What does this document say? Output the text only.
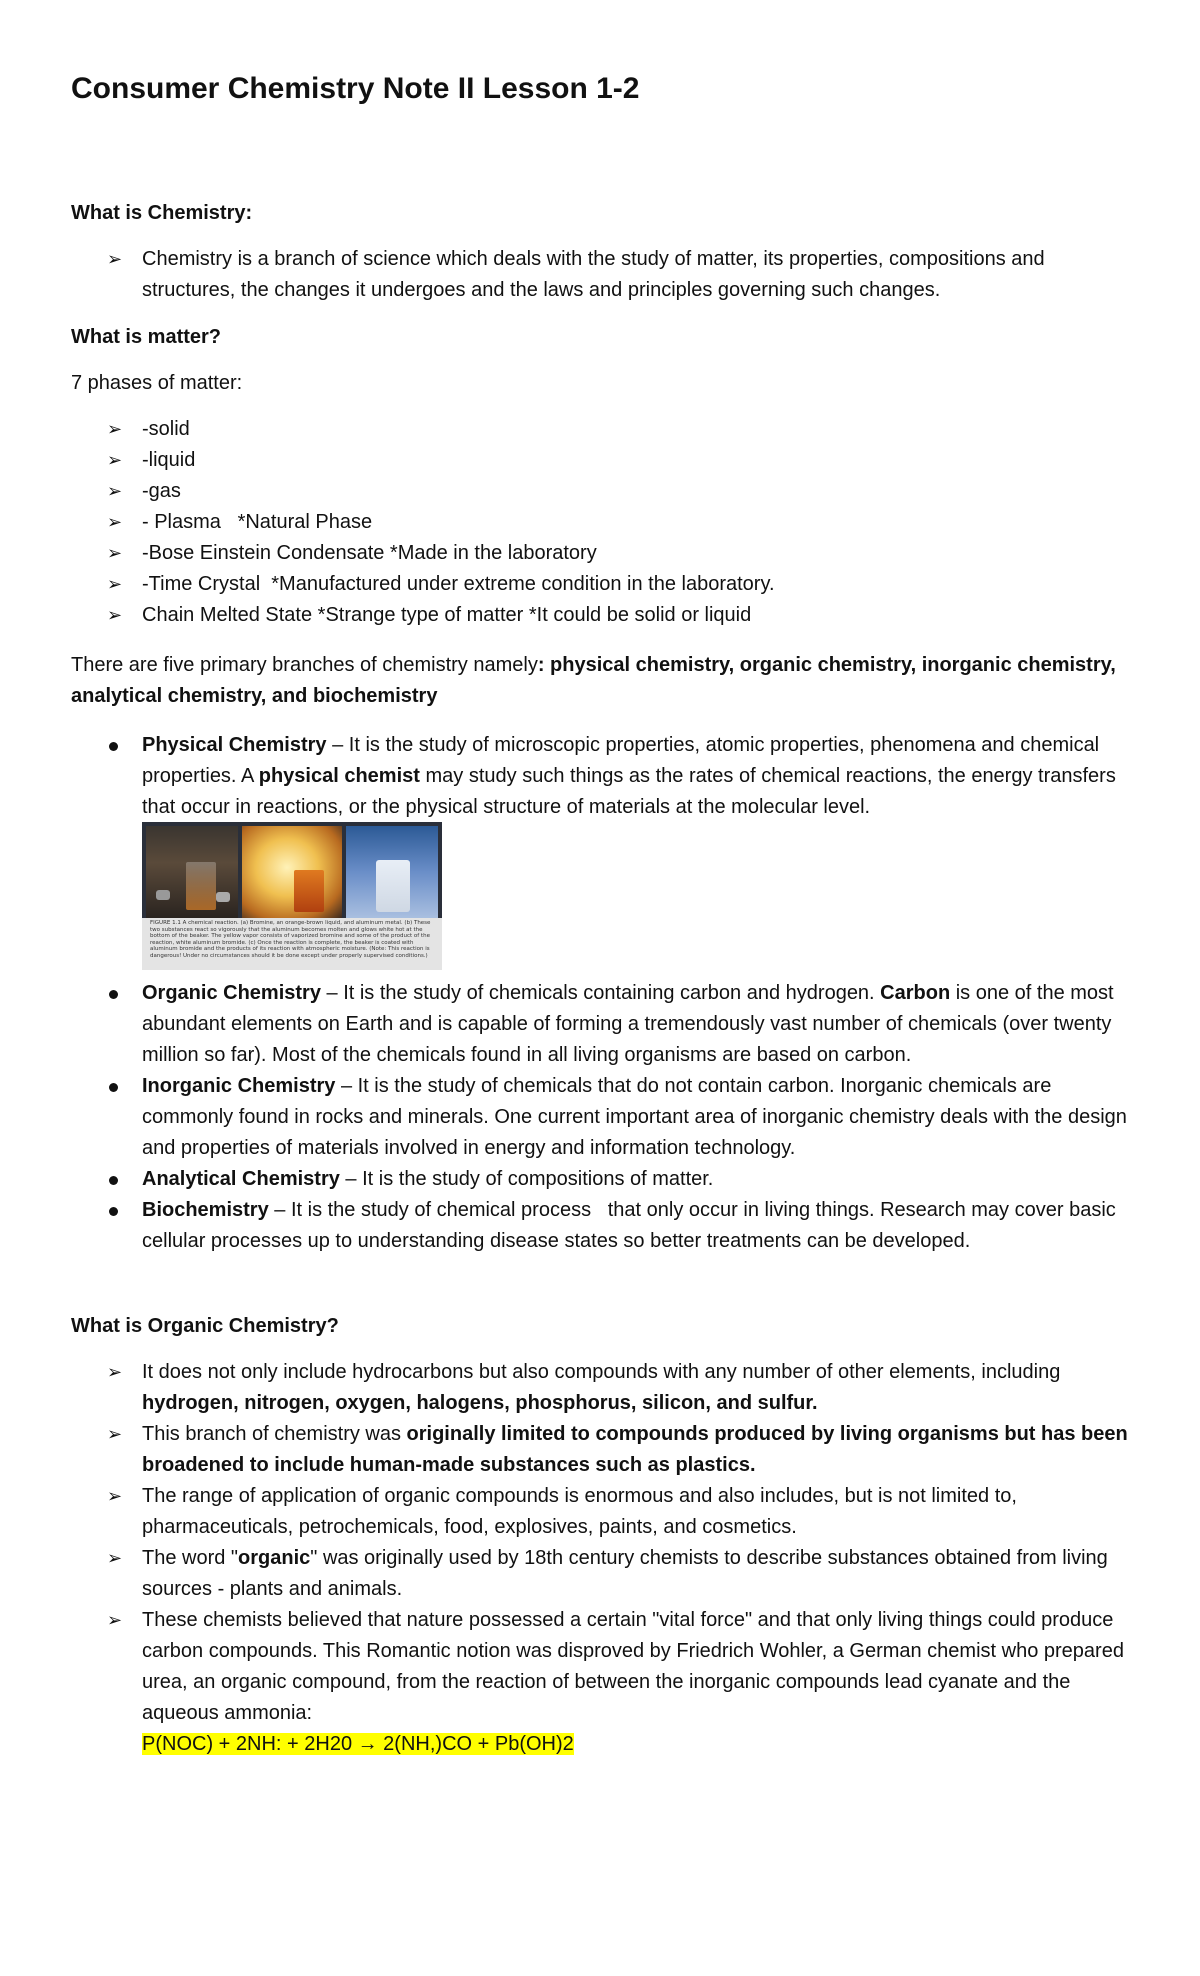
Consumer Chemistry Note II Lesson 1-2
What is Chemistry:
➢ Chemistry is a branch of science which deals with the study of matter, its properties, compositions and structures, the changes it undergoes and the laws and principles governing such changes.
What is matter?
7 phases of matter:
➢ -solid
➢ -liquid
➢ -gas
➢ - Plasma   *Natural Phase
➢ -Bose Einstein Condensate *Made in the laboratory
➢ -Time Crystal  *Manufactured under extreme condition in the laboratory.
➢ Chain Melted State *Strange type of matter *It could be solid or liquid
There are five primary branches of chemistry namely: physical chemistry, organic chemistry, inorganic chemistry, analytical chemistry, and biochemistry
Physical Chemistry – It is the study of microscopic properties, atomic properties, phenomena and chemical properties. A physical chemist may study such things as the rates of chemical reactions, the energy transfers that occur in reactions, or the physical structure of materials at the molecular level.
FIGURE 1.1 A chemical reaction. (a) Bromine, an orange-brown liquid, and aluminum metal. (b) These two substances react so vigorously that the aluminum becomes molten and glows white hot at the bottom of the beaker. The yellow vapor consists of vaporized bromine and some of the product of the reaction, white aluminum bromide. (c) Once the reaction is complete, the beaker is coated with aluminum bromide and the products of its reaction with atmospheric moisture. (Note: This reaction is dangerous! Under no circumstances should it be done except under properly supervised conditions.)
Organic Chemistry – It is the study of chemicals containing carbon and hydrogen. Carbon is one of the most abundant elements on Earth and is capable of forming a tremendously vast number of chemicals (over twenty million so far). Most of the chemicals found in all living organisms are based on carbon.
Inorganic Chemistry – It is the study of chemicals that do not contain carbon. Inorganic chemicals are commonly found in rocks and minerals. One current important area of inorganic chemistry deals with the design and properties of materials involved in energy and information technology.
Analytical Chemistry – It is the study of compositions of matter.
Biochemistry – It is the study of chemical process   that only occur in living things. Research may cover basic cellular processes up to understanding disease states so better treatments can be developed.
What is Organic Chemistry?
➢ It does not only include hydrocarbons but also compounds with any number of other elements, including hydrogen, nitrogen, oxygen, halogens, phosphorus, silicon, and sulfur.
➢ This branch of chemistry was originally limited to compounds produced by living organisms but has been broadened to include human-made substances such as plastics.
➢ The range of application of organic compounds is enormous and also includes, but is not limited to, pharmaceuticals, petrochemicals, food, explosives, paints, and cosmetics.
➢ The word "organic" was originally used by 18th century chemists to describe substances obtained from living sources - plants and animals.
➢ These chemists believed that nature possessed a certain "vital force" and that only living things could produce carbon compounds. This Romantic notion was disproved by Friedrich Wohler, a German chemist who prepared urea, an organic compound, from the reaction of between the inorganic compounds lead cyanate and the aqueous ammonia:
P(NOC) + 2NH: + 2H20 → 2(NH,)CO + Pb(OH)2
